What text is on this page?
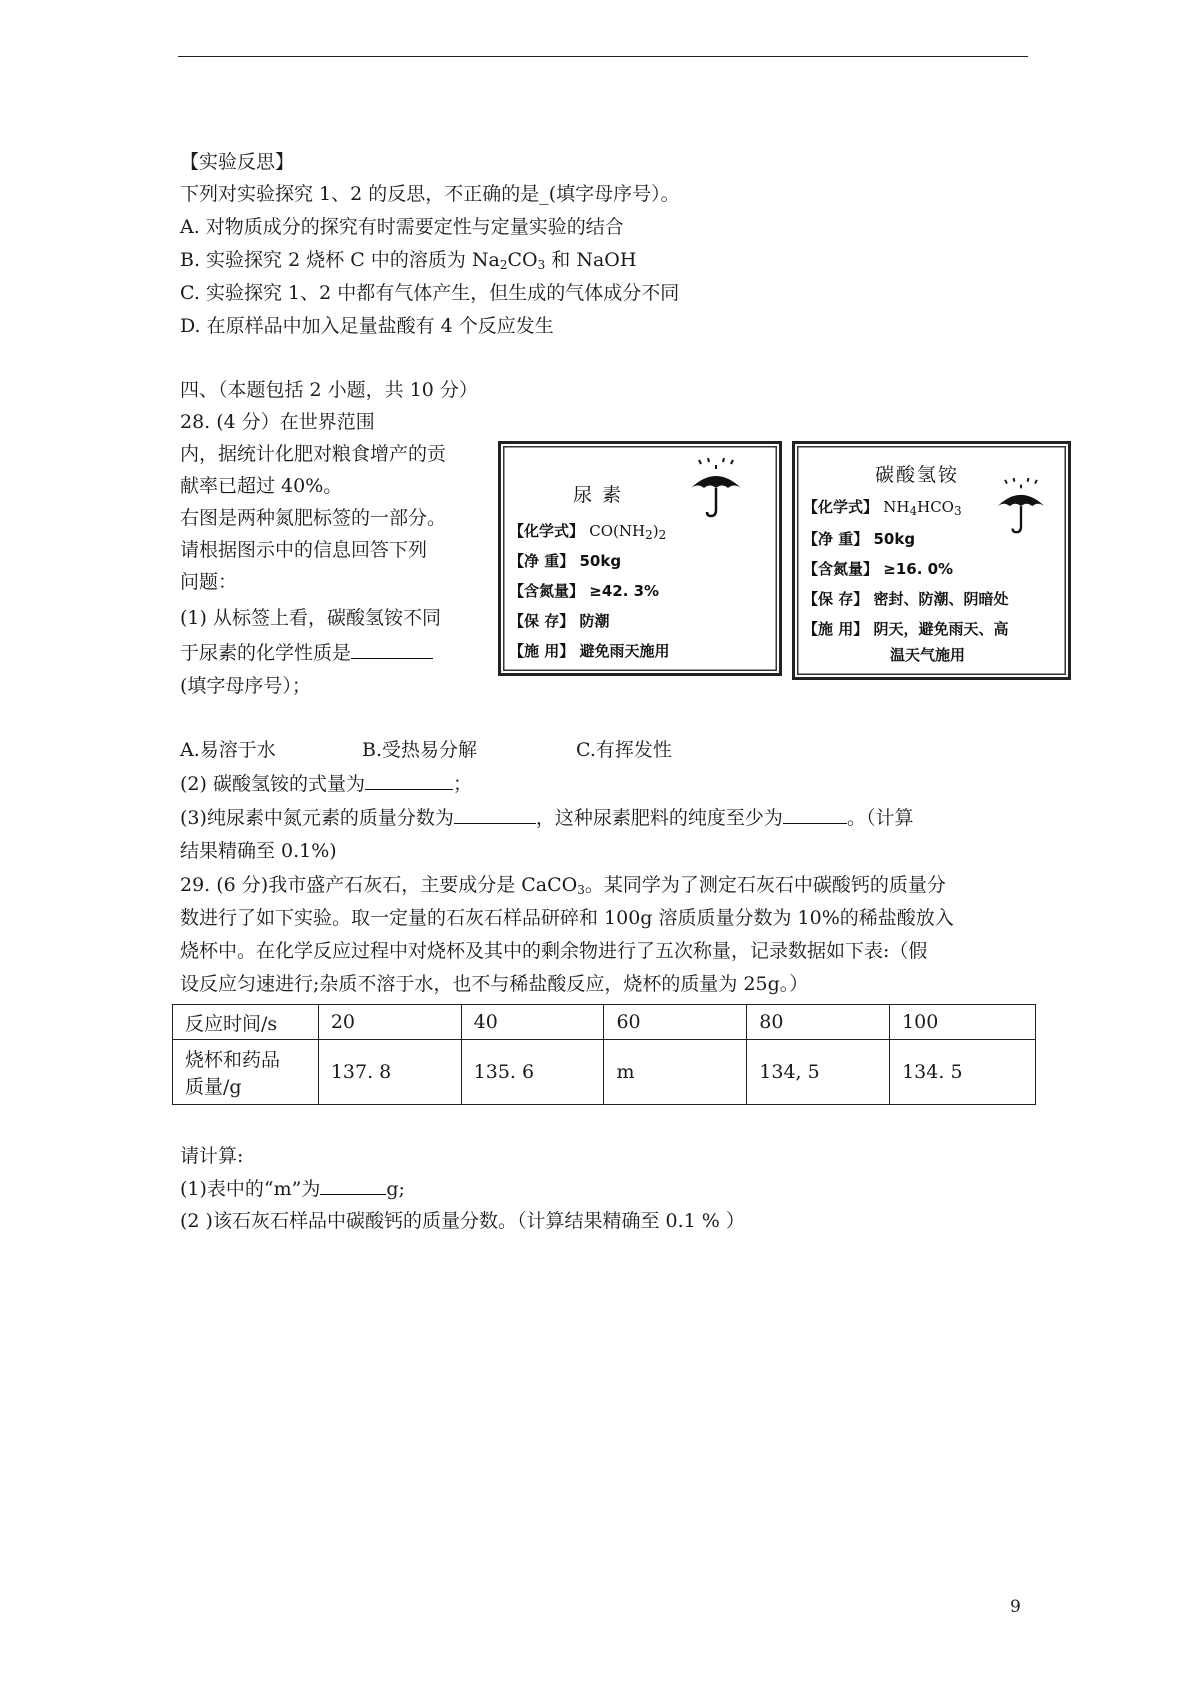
【实验反思】
下列对实验探究 1、2 的反思，不正确的是_(填字母序号）。
A. 对物质成分的探究有时需要定性与定量实验的结合
B. 实验探究 2 烧杯 C 中的溶质为 $Na_2CO_3$ 和 NaOH
C. 实验探究 1、2 中都有气体产生，但生成的气体成分不同
D. 在原样品中加入足量盐酸有 4 个反应发生
四、（本题包括 2 小题，共 10 分）
28. (4 分）在世界范围
内，据统计化肥对粮食增产的贡
献率已超过 40%。
右图是两种氮肥标签的一部分。
请根据图示中的信息回答下列
问题：
(1) 从标签上看，碳酸氢铵不同
于尿素的化学性质是
(填字母序号）；
尿 素
【化学式】 $CO(NH_2)_2$
【净 重】 50kg
【含氮量】 ≥42. 3%
【保 存】 防潮
【施 用】 避免雨天施用
碳酸氢铵
【化学式】 $NH_4HCO_3$
【净 重】 50kg
【含氮量】 ≥16. 0%
【保 存】 密封、防潮、阴暗处
【施 用】 阴天，避免雨天、高
温天气施用
A.易溶于水	B.受热易分解	C.有挥发性
(2) 碳酸氢铵的式量为	；
(3)纯尿素中氮元素的质量分数为	，这种尿素肥料的纯度至少为	。（计算
结果精确至 0.1%)
29. (6 分)我市盛产石灰石，主要成分是 CaCO$_3$。某同学为了测定石灰石中碳酸钙的质量分
数进行了如下实验。取一定量的石灰石样品研碎和 100g 溶质质量分数为 10%的稀盐酸放入
烧杯中。在化学反应过程中对烧杯及其中的剩余物进行了五次称量，记录数据如下表:（假
设反应匀速进行;杂质不溶于水，也不与稀盐酸反应，烧杯的质量为 25g。）
反应时间/s	20	40	60	80	100

烧杯和药品
质量/g	137. 8	135. 6	m	134, 5	134. 5
请计算:
(1)表中的“m”为	g;
(2 )该石灰石样品中碳酸钙的质量分数。（计算结果精确至 0.1 % ）
9
